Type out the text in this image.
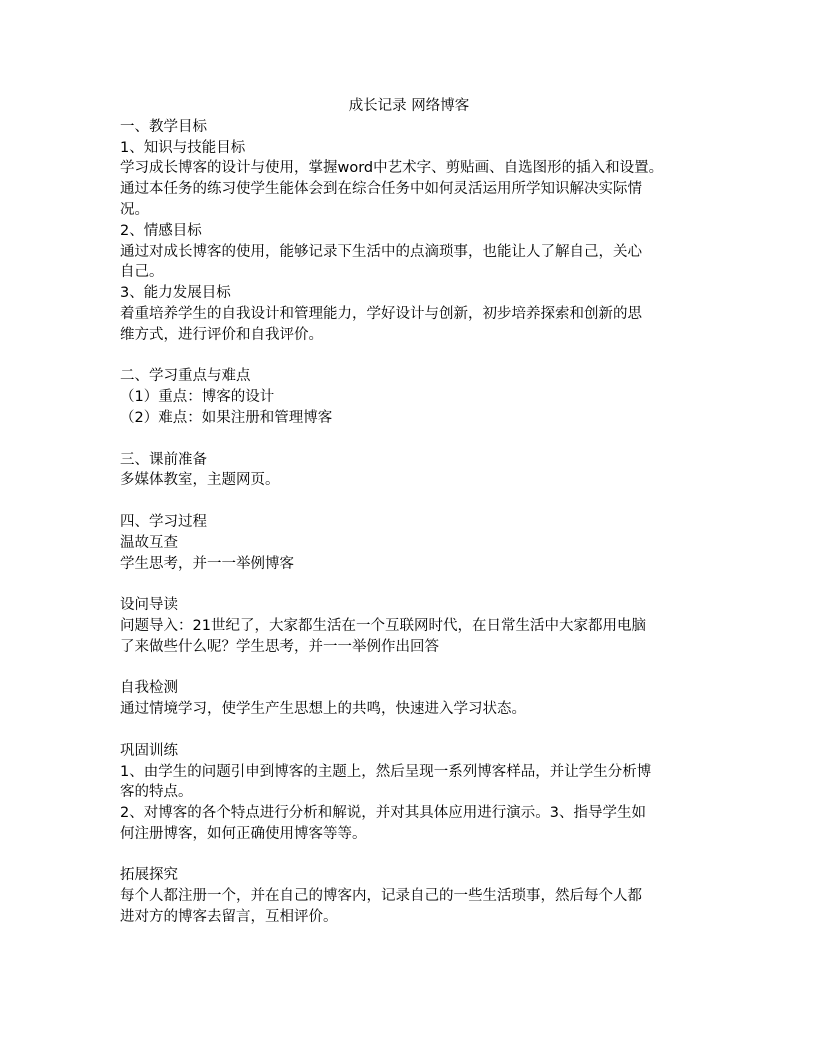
成长记录 网络博客
一、教学目标
1、知识与技能目标
学习成长博客的设计与使用，掌握word中艺术字、剪贴画、自选图形的插入和设置。
通过本任务的练习使学生能体会到在综合任务中如何灵活运用所学知识解决实际情
况。
2、情感目标
通过对成长博客的使用，能够记录下生活中的点滴琐事，也能让人了解自己，关心
自己。
3、能力发展目标
着重培养学生的自我设计和管理能力，学好设计与创新，初步培养探索和创新的思
维方式，进行评价和自我评价。
二、学习重点与难点
（1）重点：博客的设计
（2）难点：如果注册和管理博客
三、课前准备
多媒体教室，主题网页。
四、学习过程
温故互查
学生思考，并一一举例博客
设问导读
问题导入：21世纪了，大家都生活在一个互联网时代，在日常生活中大家都用电脑
了来做些什么呢？学生思考，并一一举例作出回答
自我检测
通过情境学习，使学生产生思想上的共鸣，快速进入学习状态。
巩固训练
1、由学生的问题引申到博客的主题上，然后呈现一系列博客样品，并让学生分析博
客的特点。
2、对博客的各个特点进行分析和解说，并对其具体应用进行演示。3、指导学生如
何注册博客，如何正确使用博客等等。
拓展探究
每个人都注册一个，并在自己的博客内，记录自己的一些生活琐事，然后每个人都
进对方的博客去留言，互相评价。
